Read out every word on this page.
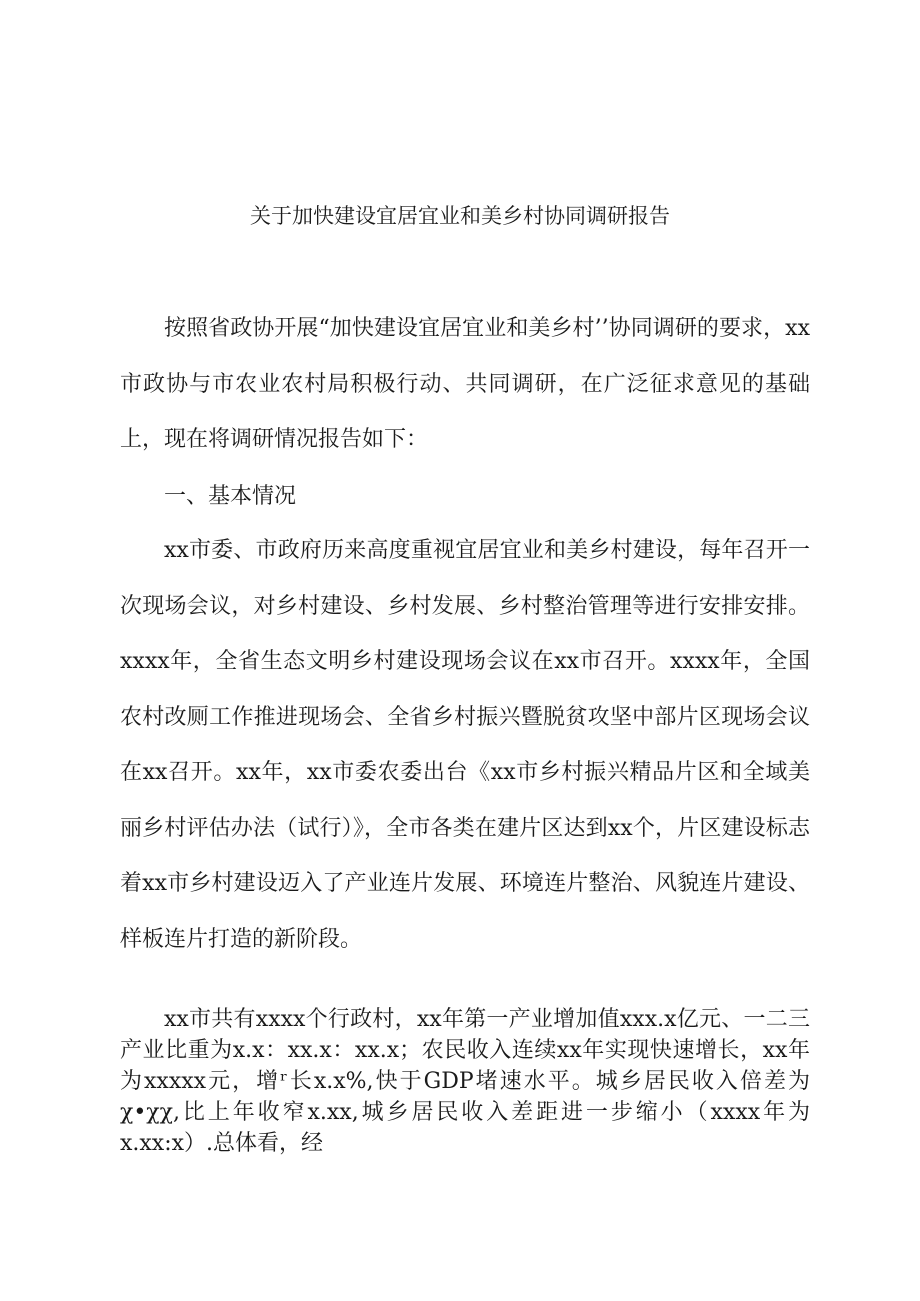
关于加快建设宜居宜业和美乡村协同调研报告

按照省政协开展“加快建设宜居宜业和美乡村’’协同调研的要求，xx市政协与市农业农村局积极行动、共同调研，在广泛征求意见的基础上，现在将调研情况报告如下：

一、基本情况

xx市委、市政府历来高度重视宜居宜业和美乡村建设，每年召开一次现场会议，对乡村建设、乡村发展、乡村整治管理等进行安排安排。xxxx年，全省生态文明乡村建设现场会议在xx市召开。xxxx年，全国农村改厕工作推进现场会、全省乡村振兴暨脱贫攻坚中部片区现场会议在xx召开。xx年，xx市委农委出台《xx市乡村振兴精品片区和全域美丽乡村评估办法（试行）》，全市各类在建片区达到xx个，片区建设标志着xx市乡村建设迈入了产业连片发展、环境连片整治、风貌连片建设、样板连片打造的新阶段。

xx市共有xxxx个行政村，xx年第一产业增加值xxx.x亿元、一二三产业比重为x.x：xx.x：xx.x；农民收入连续xx年实现快速增长，xx年为xxxxx元，增ʳ长x.x%,快于GDP堵速水平。城乡居民收入倍差为χ•χχ,比上年收窄x.xx,城乡居民收入差距进一步缩小（xxxx年为x.xx:x）.总体看，经
